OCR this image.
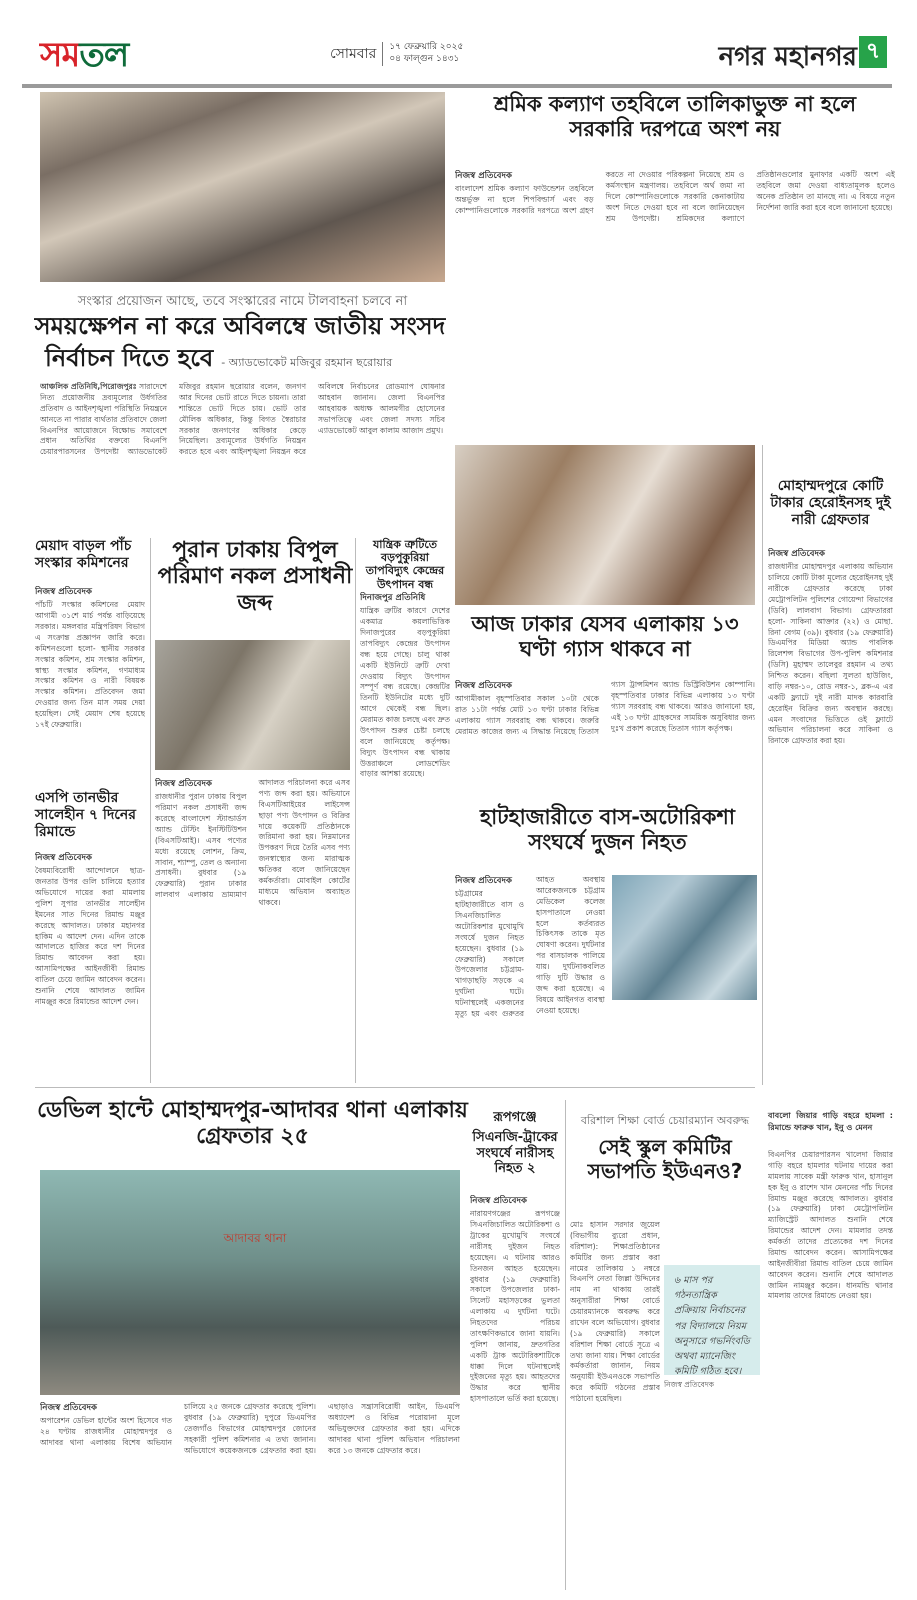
সমতল	সোমবার	১৭ ফেব্রুয়ারি ২০২৫
০৪ ফাল্গুন ১৪৩১	নগর মহানগর ৭
সংস্কার প্রয়োজন আছে, তবে সংস্কারের নামে টালবাহনা চলবে না
সময়ক্ষেপন না করে অবিলম্বে জাতীয় সংসদ
নির্বাচন দিতে হবে - অ্যাডভোকেট মজিবুর রহমান ছরোয়ার
আঞ্চলিক প্রতিনিধি,পিরোজপুরঃ সারাদেশে নিত্য প্রয়োজনীয় দ্রব্যমূল্যের উর্ধগতির প্রতিবাদ ও আইনশৃঙ্খলা পরিস্থিতি নিয়ন্ত্রনে আনতে না পারার ব্যর্থতার প্রতিবাদে জেলা বিএনপির আয়োজনে বিক্ষোভ সমাবেশে প্রধান অতিথির বক্তব্যে বিএনপি চেয়ারপারসনের উপদেষ্টা অ্যাডভোকেট মজিবুর রহমান ছরোয়ার বলেন, জনগণ আর দিনের ভোট রাতে দিতে চায়না। তারা শান্তিতে ভোট দিতে চায়। ভোট তার মৌলিক অধিকার, কিন্তু বিগত স্বৈরাচার সরকার জনগণের অধিকার কেড়ে নিয়েছিল। দ্রব্যমূল্যের উর্ধগতি নিয়ন্ত্রন করতে হবে এবং আইনশৃঙ্খলা নিয়ন্ত্রন করে অবিলম্বে নির্বাচনের রোডম্যাপ ঘোষনার আহবান জানান। জেলা বিএনপির আহবায়ক অধ্যক্ষ আলমগীর হোসেনের সভাপতিত্বে এবং জেলা সদস্য সচিব এ্যাডভোকেট আবুল কালাম আজাদ প্রমুখ।
শ্রমিক কল্যাণ তহবিলে তালিকাভুক্ত না হলে সরকারি দরপত্রে অংশ নয়
নিজস্ব প্রতিবেদক
বাংলাদেশ শ্রমিক কল্যাণ ফাউন্ডেশন তহবিলে অন্তর্ভুক্ত না হলে শিপবিল্ডার্স এবং বড় কোম্পানিগুলোকে সরকারি দরপত্রে অংশ গ্রহণ করতে না দেওয়ার পরিকল্পনা নিয়েছে শ্রম ও কর্মসংস্থান মন্ত্রণালয়। তহবিলে অর্থ জমা না দিলে কোম্পানিগুলোকে সরকারি কেনাকাটায় অংশ নিতে দেওয়া হবে না বলে জানিয়েছেন শ্রম উপদেষ্টা। শ্রমিকদের কল্যাণে প্রতিষ্ঠানগুলোর মুনাফার একটি অংশ এই তহবিলে জমা দেওয়া বাধ্যতামূলক হলেও অনেক প্রতিষ্ঠান তা মানছে না। এ বিষয়ে নতুন নির্দেশনা জারি করা হবে বলে জানানো হয়েছে।
মোহাম্মদপুরে কোটি টাকার হেরোইনসহ দুই নারী গ্রেফতার
নিজস্ব প্রতিবেদক
রাজধানীর মোহাম্মদপুর এলাকায় অভিযান চালিয়ে কোটি টাকা মূল্যের হেরোইনসহ দুই নারীকে গ্রেফতার করেছে ঢাকা মেট্রোপলিটন পুলিশের গোয়েন্দা বিভাগের (ডিবি) লালবাগ বিভাগ। গ্রেফতাররা হলো- সাকিনা আক্তার (২২) ও মোছা. রিনা বেগম (৩৯)। বুধবার (১৯ ফেব্রুয়ারি) ডিএমপির মিডিয়া অ্যান্ড পাবলিক রিলেশন্স বিভাগের উপ-পুলিশ কমিশনার (ডিসি) মুহাম্মদ তালেবুর রহমান এ তথ্য নিশ্চিত করেন। বছিলা সুলতা হাউজিং, বাড়ি নম্বর-১০, রোড নম্বর-১, ব্লক-এ এর একটি ফ্ল্যাটে দুই নারী মাদক কারবারি হেরোইন বিক্রির জন্য অবস্থান করছে। এমন সংবাদের ভিত্তিতে ওই ফ্ল্যাটে অভিযান পরিচালনা করে সাকিনা ও রিনাকে গ্রেফতার করা হয়।
মেয়াদ বাড়ল পাঁচ সংস্কার কমিশনের
নিজস্ব প্রতিবেদক
পাঁচটি সংস্কার কমিশনের মেয়াদ আগামী ৩১শে মার্চ পর্যন্ত বাড়িয়েছে সরকার। মঙ্গলবার মন্ত্রিপরিষদ বিভাগ এ সংক্রান্ত প্রজ্ঞাপন জারি করে। কমিশনগুলো হলো- স্থানীয় সরকার সংস্কার কমিশন, শ্রম সংস্কার কমিশন, স্বাস্থ্য সংস্কার কমিশন, গণমাধ্যম সংস্কার কমিশন ও নারী বিষয়ক সংস্কার কমিশন। প্রতিবেদন জমা দেওয়ার জন্য তিন মাস সময় দেয়া হয়েছিল। সেই মেয়াদ শেষ হয়েছে ১৭ই ফেব্রুয়ারি।
এসপি তানভীর সালেহীন ৭ দিনের রিমান্ডে
নিজস্ব প্রতিবেদক
বৈষম্যবিরোধী আন্দোলনে ছাত্র-জনতার উপর গুলি চালিয়ে হত্যার অভিযোগে দায়ের করা মামলায় পুলিশ সুপার তানভীর সালেহীন ইমনের সাত দিনের রিমান্ড মঞ্জুর করেছে আদালত। ঢাকার মহানগর হাকিম এ আদেশ দেন। এদিন তাকে আদালতে হাজির করে দশ দিনের রিমান্ড আবেদন করা হয়। আসামিপক্ষের আইনজীবী রিমান্ড বাতিল চেয়ে জামিন আবেদন করেন। শুনানি শেষে আদালত জামিন নামঞ্জুর করে রিমান্ডের আদেশ দেন।
পুরান ঢাকায় বিপুল পরিমাণ নকল প্রসাধনী জব্দ
নিজস্ব প্রতিবেদক
রাজধানীর পুরান ঢাকায় বিপুল পরিমাণ নকল প্রসাধনী জব্দ করেছে বাংলাদেশ স্ট্যান্ডার্ডস অ্যান্ড টেস্টিং ইনস্টিটিউশন (বিএসটিআই)। এসব পণ্যের মধ্যে রয়েছে লোশন, ক্রিম, সাবান, শ্যাম্পু, তেল ও অন্যান্য প্রসাধনী। বুধবার (১৯ ফেব্রুয়ারি) পুরান ঢাকার লালবাগ এলাকায় ভ্রাম্যমাণ আদালত পরিচালনা করে এসব পণ্য জব্দ করা হয়। অভিযানে বিএসটিআইয়ের লাইসেন্স ছাড়া পণ্য উৎপাদন ও বিক্রির দায়ে কয়েকটি প্রতিষ্ঠানকে জরিমানা করা হয়। নিম্নমানের উপকরণ দিয়ে তৈরি এসব পণ্য জনস্বাস্থ্যের জন্য মারাত্মক ক্ষতিকর বলে জানিয়েছেন কর্মকর্তারা। মোবাইল কোর্টের মাধ্যমে অভিযান অব্যাহত থাকবে।
যান্ত্রিক ত্রুটিতে বড়পুকুরিয়া তাপবিদ্যুৎ কেন্দ্রের উৎপাদন বন্ধ
দিনাজপুর প্রতিনিধি
যান্ত্রিক ত্রুটির কারণে দেশের একমাত্র কয়লাভিত্তিক দিনাজপুরের বড়পুকুরিয়া তাপবিদ্যুৎ কেন্দ্রের উৎপাদন বন্ধ হয়ে গেছে। চালু থাকা একটি ইউনিটে ত্রুটি দেখা দেওয়ায় বিদ্যুৎ উৎপাদন সম্পূর্ণ বন্ধ রয়েছে। কেন্দ্রটির তিনটি ইউনিটের মধ্যে দুটি আগে থেকেই বন্ধ ছিল। মেরামত কাজ চলছে এবং দ্রুত উৎপাদন শুরুর চেষ্টা চলছে বলে জানিয়েছে কর্তৃপক্ষ। বিদ্যুৎ উৎপাদন বন্ধ থাকায় উত্তরাঞ্চলে লোডশেডিং বাড়ার আশঙ্কা রয়েছে।
আজ ঢাকার যেসব এলাকায় ১৩ ঘণ্টা গ্যাস থাকবে না
নিজস্ব প্রতিবেদক
আগামীকাল বৃহস্পতিবার সকাল ১০টা থেকে রাত ১১টা পর্যন্ত মোট ১৩ ঘণ্টা ঢাকার বিভিন্ন এলাকায় গ্যাস সরবরাহ বন্ধ থাকবে। জরুরি মেরামত কাজের জন্য এ সিদ্ধান্ত নিয়েছে তিতাস গ্যাস ট্রান্সমিশন অ্যান্ড ডিস্ট্রিবিউশন কোম্পানি। বৃহস্পতিবার ঢাকার বিভিন্ন এলাকায় ১৩ ঘণ্টা গ্যাস সরবরাহ বন্ধ থাকবে। আরও জানানো হয়, এই ১৩ ঘণ্টা গ্রাহকদের সাময়িক অসুবিধার জন্য দুঃখ প্রকাশ করেছে তিতাস গ্যাস কর্তৃপক্ষ।
হাটহাজারীতে বাস-অটোরিকশা সংঘর্ষে দুজন নিহত
নিজস্ব প্রতিবেদক
চট্টগ্রামের হাটহাজারীতে বাস ও সিএনজিচালিত অটোরিকশার মুখোমুখি সংঘর্ষে দুজন নিহত হয়েছেন। বুধবার (১৯ ফেব্রুয়ারি) সকালে উপজেলার চট্টগ্রাম-খাগড়াছড়ি সড়কে এ দুর্ঘটনা ঘটে। ঘটনাস্থলেই একজনের মৃত্যু হয় এবং গুরুতর আহত অবস্থায় আরেকজনকে চট্টগ্রাম মেডিকেল কলেজ হাসপাতালে নেওয়া হলে কর্তব্যরত চিকিৎসক তাকে মৃত ঘোষণা করেন। দুর্ঘটনার পর বাসচালক পালিয়ে যায়। দুর্ঘটনাকবলিত গাড়ি দুটি উদ্ধার ও জব্দ করা হয়েছে। এ বিষয়ে আইনগত ব্যবস্থা নেওয়া হয়েছে।
ডেভিল হান্টে মোহাম্মদপুর-আদাবর থানা এলাকায় গ্রেফতার ২৫
আদাবর থানা
নিজস্ব প্রতিবেদক
অপারেশন ডেভিল হান্টের অংশ হিসেবে গত ২৪ ঘণ্টায় রাজধানীর মোহাম্মদপুর ও আদাবর থানা এলাকায় বিশেষ অভিযান চালিয়ে ২৫ জনকে গ্রেফতার করেছে পুলিশ। বুধবার (১৯ ফেব্রুয়ারি) দুপুরে ডিএমপির তেজগাঁও বিভাগের মোহাম্মদপুর জোনের সহকারী পুলিশ কমিশনার এ তথ্য জানান। অভিযোগে কয়েকজনকে গ্রেফতার করা হয়। এছাড়াও সন্ত্রাসবিরোধী আইন, ডিএমপি অধ্যাদেশ ও বিভিন্ন পরোয়ানা মূলে অভিযুক্তদের গ্রেফতার করা হয়। এদিকে আদাবর থানা পুলিশ অভিযান পরিচালনা করে ১৩ জনকে গ্রেফতার করে।
রূপগঞ্জে
সিএনজি-ট্রাকের সংঘর্ষে নারীসহ নিহত ২
নিজস্ব প্রতিবেদক
নারায়ণগঞ্জের রূপগঞ্জে সিএনজিচালিত অটোরিকশা ও ট্রাকের মুখোমুখি সংঘর্ষে নারীসহ দুইজন নিহত হয়েছেন। এ ঘটনায় আরও তিনজন আহত হয়েছেন। বুধবার (১৯ ফেব্রুয়ারি) সকালে উপজেলার ঢাকা-সিলেট মহাসড়কের ভুলতা এলাকায় এ দুর্ঘটনা ঘটে। নিহতদের পরিচয় তাৎক্ষণিকভাবে জানা যায়নি। পুলিশ জানায়, দ্রুতগতির একটি ট্রাক অটোরিকশাটিকে ধাক্কা দিলে ঘটনাস্থলেই দুইজনের মৃত্যু হয়। আহতদের উদ্ধার করে স্থানীয় হাসপাতালে ভর্তি করা হয়েছে।
বরিশাল শিক্ষা বোর্ড চেয়ারম্যান অবরুদ্ধ
সেই স্কুল কমিটির সভাপতি ইউএনও?
মোঃ হাসান সরদার জুয়েল (বিভাগীয় ব্যুরো প্রধান, বরিশাল): শিক্ষাপ্রতিষ্ঠানের কমিটির জন্য প্রস্তাব করা নামের তালিকায় ১ নম্বরে বিএনপি নেতা জিল্লা উদ্দিনের নাম না থাকায় তারই অনুসারীরা শিক্ষা বোর্ডে চেয়ারম্যানকে অবরুদ্ধ করে রাখেন বলে অভিযোগ। বুধবার (১৯ ফেব্রুয়ারি) সকালে বরিশাল শিক্ষা বোর্ডে সূত্রে এ তথ্য জানা যায়। শিক্ষা বোর্ডের কর্মকর্তারা জানান, নিয়ম অনুযায়ী ইউএনওকে সভাপতি করে কমিটি গঠনের প্রস্তাব পাঠানো হয়েছিল।
৬ মাস পর গঠনতান্ত্রিক প্রক্রিয়ায় নির্বাচনের পর বিদ্যালয়ে নিয়ম অনুসারে গভর্নিংবডি অথবা ম্যানেজিং কমিটি গঠিত হবে।
নিজস্ব প্রতিবেদক
বাবলো জিয়ার গাড়ি বহরে হামলা : রিমান্ডে ফারুক খান, ইনু ও মেনন
বিএনপির চেয়ারপারসন খালেদা জিয়ার গাড়ি বহরে হামলার ঘটনায় দায়ের করা মামলায় সাবেক মন্ত্রী ফারুক খান, হাসানুল হক ইনু ও রাশেদ খান মেননের পাঁচ দিনের রিমান্ড মঞ্জুর করেছে আদালত। বুধবার (১৯ ফেব্রুয়ারি) ঢাকা মেট্রোপলিটন ম্যাজিস্ট্রেট আদালত শুনানি শেষে রিমান্ডের আদেশ দেন। মামলার তদন্ত কর্মকর্তা তাদের প্রত্যেকের দশ দিনের রিমান্ড আবেদন করেন। আসামিপক্ষের আইনজীবীরা রিমান্ড বাতিল চেয়ে জামিন আবেদন করেন। শুনানি শেষে আদালত জামিন নামঞ্জুর করেন। ধানমন্ডি থানার মামলায় তাদের রিমান্ডে নেওয়া হয়।
